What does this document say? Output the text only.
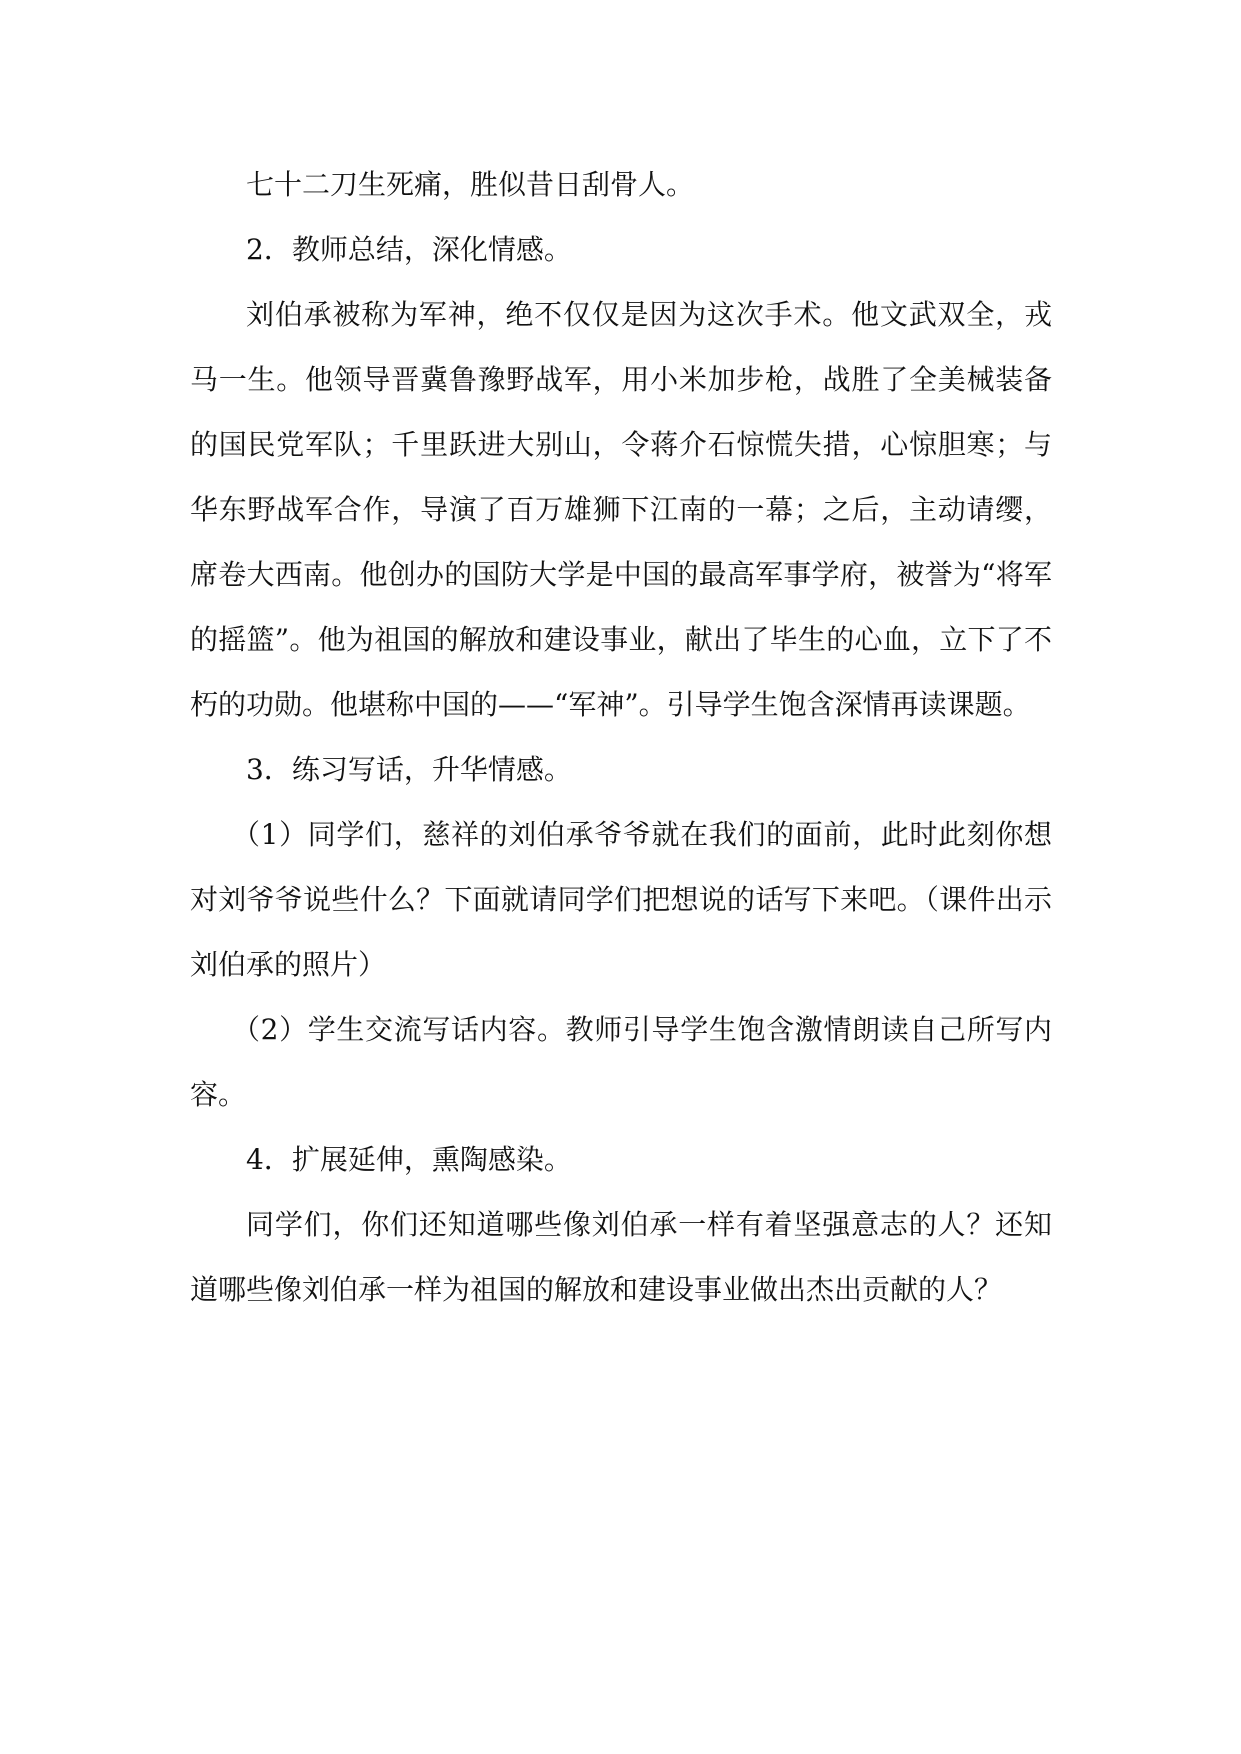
七十二刀生死痛，胜似昔日刮骨人。

2．教师总结，深化情感。

刘伯承被称为军神，绝不仅仅是因为这次手术。他文武双全，戎马一生。他领导晋冀鲁豫野战军，用小米加步枪，战胜了全美械装备的国民党军队；千里跃进大别山，令蒋介石惊慌失措，心惊胆寒；与华东野战军合作，导演了百万雄狮下江南的一幕；之后，主动请缨，席卷大西南。他创办的国防大学是中国的最高军事学府，被誉为“将军的摇篮”。他为祖国的解放和建设事业，献出了毕生的心血，立下了不朽的功勋。他堪称中国的——“军神”。引导学生饱含深情再读课题。

3．练习写话，升华情感。

（1）同学们，慈祥的刘伯承爷爷就在我们的面前，此时此刻你想对刘爷爷说些什么？下面就请同学们把想说的话写下来吧。（课件出示刘伯承的照片）

（2）学生交流写话内容。教师引导学生饱含激情朗读自己所写内容。

4．扩展延伸，熏陶感染。

同学们，你们还知道哪些像刘伯承一样有着坚强意志的人？还知道哪些像刘伯承一样为祖国的解放和建设事业做出杰出贡献的人？
